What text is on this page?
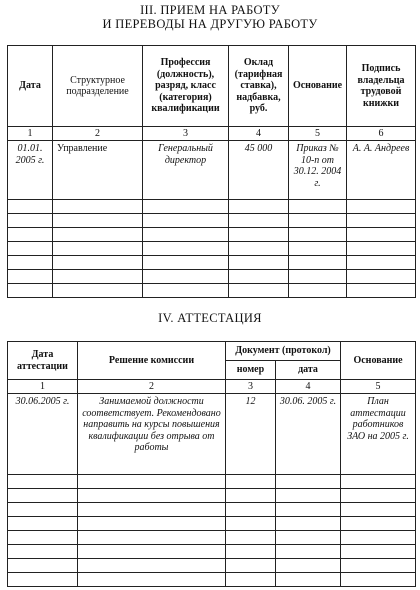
III. ПРИЕМ НА РАБОТУ
И ПЕРЕВОДЫ НА ДРУГУЮ РАБОТУ
Дата	Структурное подразделение	Профессия (должность), разряд, класс (категория) квалификации	Оклад (тарифная ставка), надбавка, руб.	Основание	Подпись владельца трудовой книжки
1	2	3	4	5	6
01.01. 2005 г.	Управление	Генеральный директор	45 000	Приказ № 10-п от 30.12. 2004 г.	А. А. Андреев

IV. АТТЕСТАЦИЯ
Дата аттестации	Решение комиссии	Документ (протокол)		Основание
		номер	дата	
1	2	3	4	5
30.06.2005 г.	Занимаемой должности соответствует. Рекомендовано направить на курсы повышения квалификации без отрыва от работы	12	30.06. 2005 г.	План аттестации работников ЗАО на 2005 г.
